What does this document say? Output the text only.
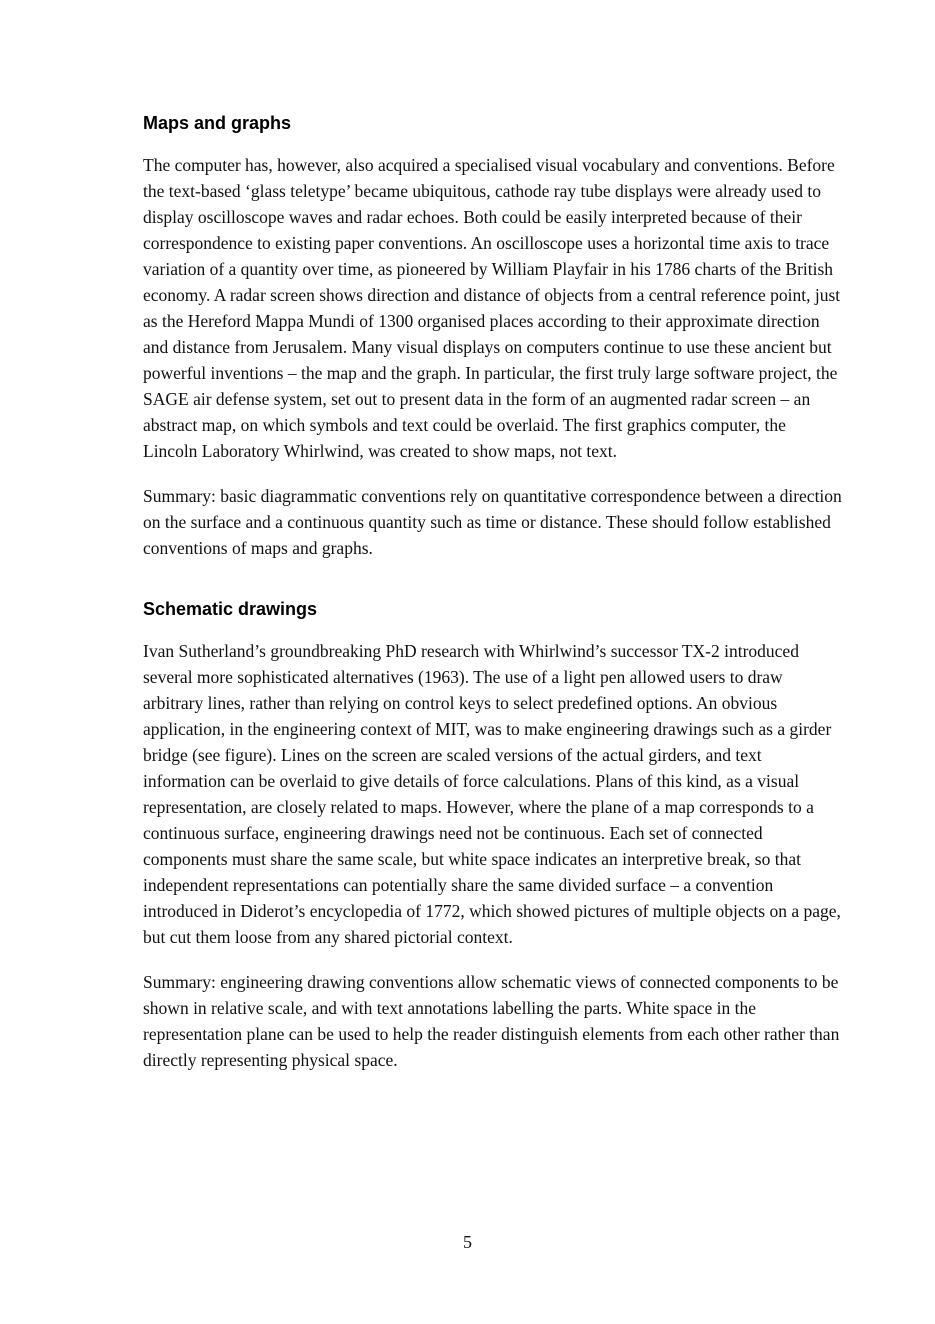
Maps and graphs

The computer has, however, also acquired a specialised visual vocabulary and conventions. Before the text-based ‘glass teletype’ became ubiquitous, cathode ray tube displays were already used to display oscilloscope waves and radar echoes. Both could be easily interpreted because of their correspondence to existing paper conventions. An oscilloscope uses a horizontal time axis to trace variation of a quantity over time, as pioneered by William Playfair in his 1786 charts of the British economy. A radar screen shows direction and distance of objects from a central reference point, just as the Hereford Mappa Mundi of 1300 organised places according to their approximate direction and distance from Jerusalem. Many visual displays on computers continue to use these ancient but powerful inventions – the map and the graph. In particular, the first truly large software project, the SAGE air defense system, set out to present data in the form of an augmented radar screen – an abstract map, on which symbols and text could be overlaid. The first graphics computer, the Lincoln Laboratory Whirlwind, was created to show maps, not text.

Summary: basic diagrammatic conventions rely on quantitative correspondence between a direction on the surface and a continuous quantity such as time or distance. These should follow established conventions of maps and graphs.

Schematic drawings

Ivan Sutherland’s groundbreaking PhD research with Whirlwind’s successor TX-2 introduced several more sophisticated alternatives (1963). The use of a light pen allowed users to draw arbitrary lines, rather than relying on control keys to select predefined options. An obvious application, in the engineering context of MIT, was to make engineering drawings such as a girder bridge (see figure). Lines on the screen are scaled versions of the actual girders, and text information can be overlaid to give details of force calculations. Plans of this kind, as a visual representation, are closely related to maps. However, where the plane of a map corresponds to a continuous surface, engineering drawings need not be continuous. Each set of connected components must share the same scale, but white space indicates an interpretive break, so that independent representations can potentially share the same divided surface – a convention introduced in Diderot’s encyclopedia of 1772, which showed pictures of multiple objects on a page, but cut them loose from any shared pictorial context.

Summary: engineering drawing conventions allow schematic views of connected components to be shown in relative scale, and with text annotations labelling the parts. White space in the representation plane can be used to help the reader distinguish elements from each other rather than directly representing physical space.

5
